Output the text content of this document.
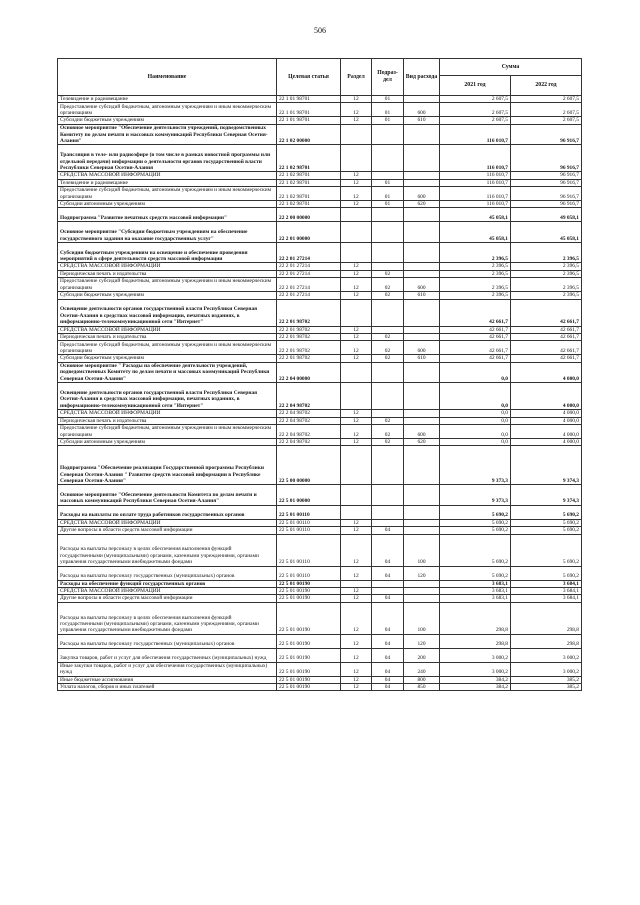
506
Наименование	Целевая статья	Раздел	Подраз-дел	Вид расхода	Сумма	
					2021 год	2022 год
Телевидение и радиовещание	22 1 01 98701	12	01		2 607,5	2 607,5
Предоставление субсидий бюджетным, автономным учреждениям и иным некоммерческим организациям	22 1 01 98701	12	01	600	2 607,5	2 607,5
Субсидии бюджетным учреждениям	22 1 01 98701	12	01	610	2 607,5	2 607,5
Основное мероприятие "Обеспечение деятельности учреждений, подведомственных Комитету по делам печати и массовых коммуникаций Республики Северная Осетия-Алания"	22 1 02 00000				116 010,7	96 916,7
Трансляция в теле- или радиоэфире (в том числе в рамках новостной программы или отдельной передачи) информации о деятельности органов государственной власти Республики Северная Осетия-Алания	22 1 02 98701				116 010,7	96 916,7
СРЕДСТВА МАССОВОЙ ИНФОРМАЦИИ	22 1 02 98701	12			116 010,7	96 916,7
Телевидение и радиовещание	22 1 02 98701	12	01		116 010,7	96 916,7
Предоставление субсидий бюджетным, автономным учреждениям и иным некоммерческим организациям	22 1 02 98701	12	01	600	116 010,7	96 916,7
Субсидии автономным учреждениям	22 1 02 98701	12	01	620	116 010,7	96 916,7
Подпрограмма "Развитие печатных средств массовой информации"	22 2 00 00000				45 058,1	49 058,1
Основное мероприятие "Субсидии бюджетным учреждениям на обеспечение государственного задания на оказание государственных услуг"	22 2 01 00000				45 058,1	45 058,1
Субсидии бюджетным учреждениям на освещение и обеспечение проведения мероприятий в сфере деятельности средств массовой информации	22 2 01 27214				2 396,5	2 396,5
СРЕДСТВА МАССОВОЙ ИНФОРМАЦИИ	22 2 01 27214	12			2 396,5	2 396,5
Периодическая печать и издательства	22 2 01 27214	12	02		2 396,5	2 396,5
Предоставление субсидий бюджетным, автономным учреждениям и иным некоммерческим организациям	22 2 01 27214	12	02	600	2 396,5	2 396,5
Субсидии бюджетным учреждениям	22 2 01 27214	12	02	610	2 396,5	2 396,5
Освещение деятельности органов государственной власти Республики Северная Осетия-Алания в средствах массовой информации, печатных изданиях, в информационно-телекоммуникационной сети "Интернет"	22 2 01 98702				42 661,7	42 661,7
СРЕДСТВА МАССОВОЙ ИНФОРМАЦИИ	22 2 01 98702	12			42 661,7	42 661,7
Периодическая печать и издательства	22 2 01 98702	12	02		42 661,7	42 661,7
Предоставление субсидий бюджетным, автономным учреждениям и иным некоммерческим организациям	22 2 01 98702	12	02	600	42 661,7	42 661,7
Субсидии бюджетным учреждениям	22 2 01 98702	12	02	610	42 661,7	42 661,7
Основное мероприятие " Расходы на обеспечение деятельности учреждений, подведомственных Комитету по делам печати и массовых коммуникаций Республики Северная Осетия-Алания"	22 2 04 00000				0,0	4 000,0
Освещение деятельности органов государственной власти Республики Северная Осетия-Алания в средствах массовой информации, печатных изданиях, в информационно-телекоммуникационной сети "Интернет"	22 2 04 98702				0,0	4 000,0
СРЕДСТВА МАССОВОЙ ИНФОРМАЦИИ	22 2 04 98702	12			0,0	4 000,0
Периодическая печать и издательства	22 2 04 98702	12	02		0,0	4 000,0
Предоставление субсидий бюджетным, автономным учреждениям и иным некоммерческим организациям	22 2 04 98702	12	02	600	0,0	4 000,0
Субсидии автономным учреждениям	22 2 04 98702	12	02	620	0,0	4 000,0
Подпрограмма "Обеспечение реализации Государственной программы Республики Северная Осетия-Алания " Развитие средств массовой информации в Республике Северная Осетия-Алания"	22 5 00 00000				9 373,3	9 374,3
Основное мероприятие "Обеспечение деятельности Комитета по делам печати и массовых коммуникаций Республики Северная Осетия-Алания"	22 5 01 00000				9 373,3	9 374,3
Расходы на выплаты по оплате труда работников государственных органов	22 5 01 00110				5 690,2	5 690,2
СРЕДСТВА МАССОВОЙ ИНФОРМАЦИИ	22 5 01 00110	12			5 690,2	5 690,2
Другие вопросы в области средств массовой информации	22 5 01 00110	12	04		5 690,2	5 690,2
Расходы на выплаты персоналу в целях обеспечения выполнения функций государственными (муниципальными) органами, казенными учреждениями, органами управления государственными внебюджетными фондами	22 5 01 00110	12	04	100	5 690,2	5 690,2
Расходы на выплаты персоналу государственных (муниципальных) органов	22 5 01 00110	12	04	120	5 690,2	5 690,2
Расходы на обеспечение функций государственных органов	22 5 01 00190				3 683,1	3 684,1
СРЕДСТВА МАССОВОЙ ИНФОРМАЦИИ	22 5 01 00190	12			3 683,1	3 684,1
Другие вопросы в области средств массовой информации	22 5 01 00190	12	04		3 683,1	3 684,1
Расходы на выплаты персоналу в целях обеспечения выполнения функций государственными (муниципальными) органами, казенными учреждениями, органами управления государственными внебюджетными фондами	22 5 01 00190	12	04	100	298,8	298,8
Расходы на выплаты персоналу государственных (муниципальных) органов	22 5 01 00190	12	04	120	298,8	298,8
Закупка товаров, работ и услуг для обеспечения государственных (муниципальных) нужд	22 5 01 00190	12	04	200	3 000,2	3 000,2
Иные закупки товаров, работ и услуг для обеспечения государственных (муниципальных) нужд	22 5 01 00190	12	04	240	3 000,2	3 000,2
Иные бюджетные ассигнования	22 5 01 00190	12	04	800	384,2	385,2
Уплата налогов, сборов и иных платежей	22 5 01 00190	12	04	850	384,2	385,2
